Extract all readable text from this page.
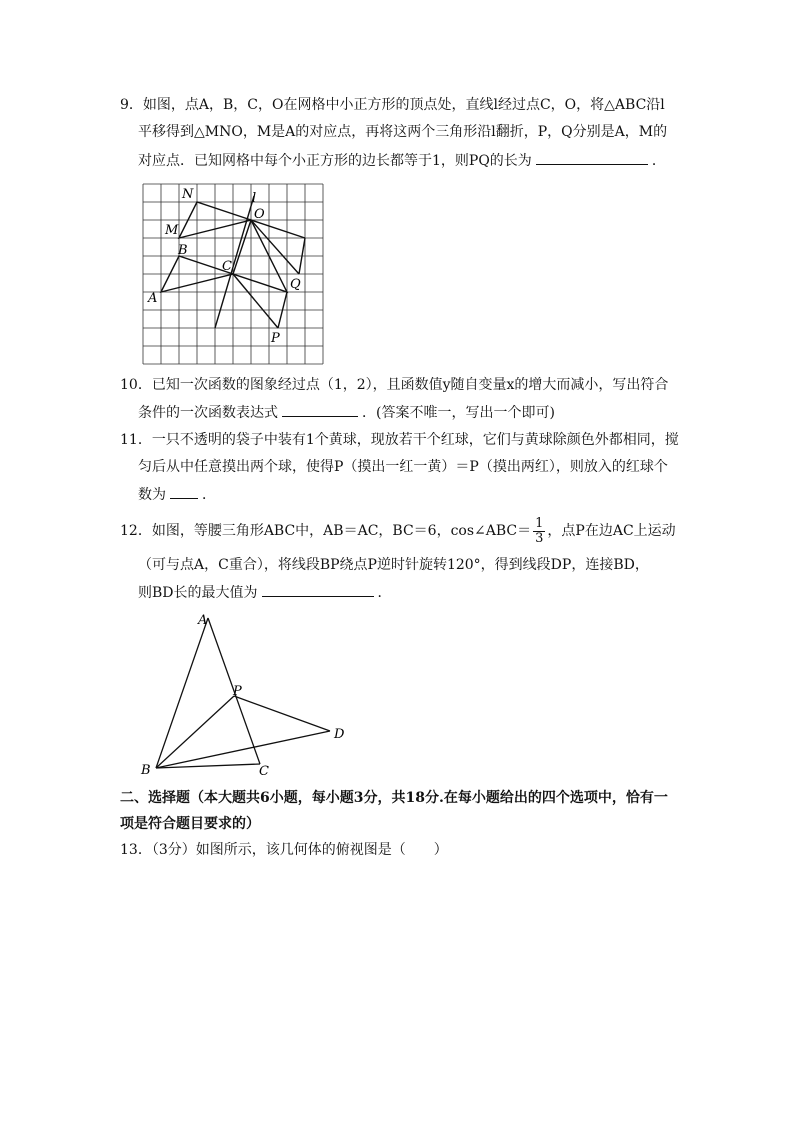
9．如图，点A，B，C，O在网格中小正方形的顶点处，直线l经过点C，O，将△ABC沿l
平移得到△MNO，M是A的对应点，再将这两个三角形沿l翻折，P，Q分别是A，M的
对应点．已知网格中每个小正方形的边长都等于1，则PQ的长为	．
N	l
O
M
B
C
Q
A
P
10．已知一次函数的图象经过点（1，2），且函数值y随自变量x的增大而减小，写出符合
条件的一次函数表达式	．(答案不唯一，写出一个即可)
11．一只不透明的袋子中装有1个黄球，现放若干个红球，它们与黄球除颜色外都相同，搅
匀后从中任意摸出两个球，使得P（摸出一红一黄）＝P（摸出两红），则放入的红球个
数为	．
12．如图，等腰三角形ABC中，AB＝AC，BC＝6，cos∠ABC＝ $\frac{1}{3}$ ，点P在边AC上运动
（可与点A，C重合），将线段BP绕点P逆时针旋转120°，得到线段DP，连接BD，
则BD长的最大值为	．
A
P
D
B	C
二、选择题（本大题共6小题，每小题3分，共18分.在每小题给出的四个选项中，恰有一
项是符合题目要求的）
13．（3分）如图所示，该几何体的俯视图是（　　）
